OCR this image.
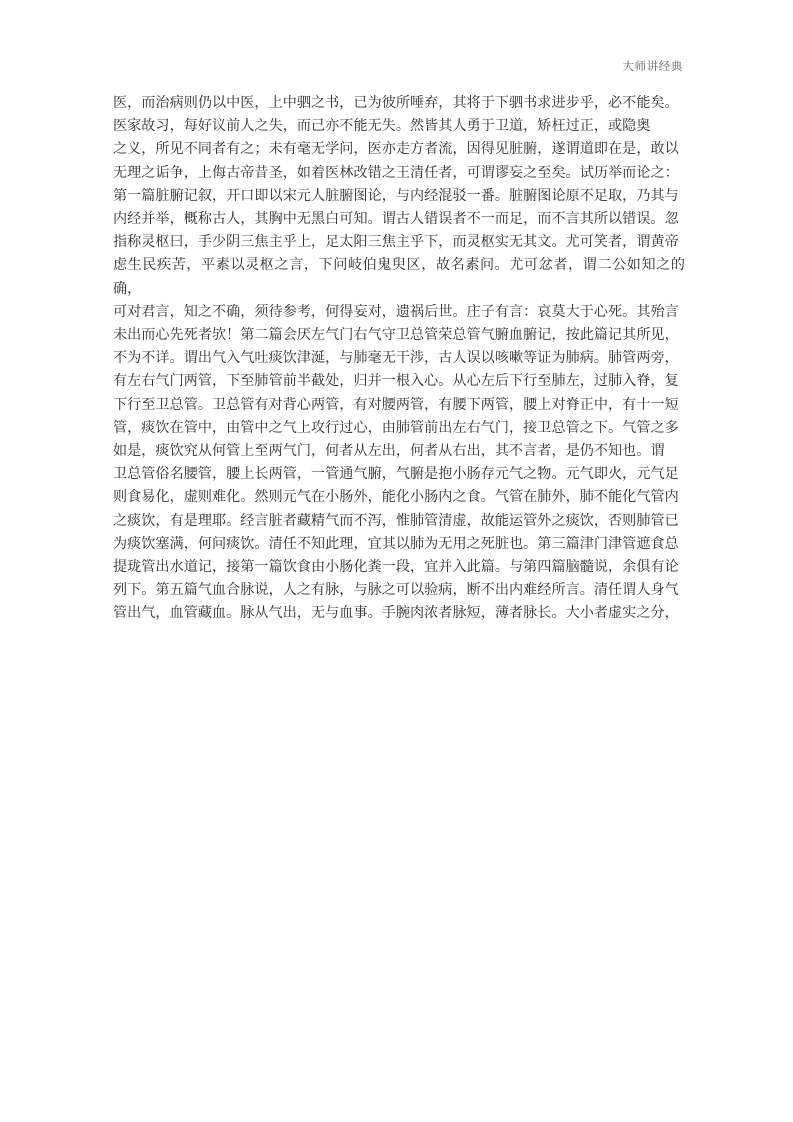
大师讲经典

医，而治病则仍以中医，上中驷之书，已为彼所唾弃，其将于下驷书求进步乎，必不能矣。

医家故习，每好议前人之失，而己亦不能无失。然皆其人勇于卫道，矫枉过正，或隐奥

之义，所见不同者有之；未有毫无学问，医亦走方者流，因得见脏腑，遂谓道即在是，敢以

无理之诟争，上侮古帝昔圣，如着医林改错之王清任者，可谓谬妄之至矣。试历举而论之：

第一篇脏腑记叙，开口即以宋元人脏腑图论，与内经混驳一番。脏腑图论原不足取，乃其与

内经并举，概称古人，其胸中无黑白可知。谓古人错误者不一而足，而不言其所以错误。忽

指称灵枢曰，手少阴三焦主乎上，足太阳三焦主乎下，而灵枢实无其文。尤可笑者，谓黄帝

虑生民疾苦，平素以灵枢之言，下问岐伯鬼臾区，故名素问。尤可忿者，谓二公如知之的确，

可对君言，知之不确，须待参考，何得妄对，遗祸后世。庄子有言：哀莫大于心死。其殆言

未出而心先死者欤！第二篇会厌左气门右气守卫总管荣总管气腑血腑记，按此篇记其所见，

不为不详。谓出气入气吐痰饮津涎，与肺毫无干涉，古人误以咳嗽等证为肺病。肺管两旁，

有左右气门两管，下至肺管前半截处，归并一根入心。从心左后下行至肺左，过肺入脊，复

下行至卫总管。卫总管有对背心两管，有对腰两管，有腰下两管，腰上对脊正中，有十一短

管，痰饮在管中，由管中之气上攻行过心，由肺管前出左右气门，接卫总管之下。气管之多

如是，痰饮究从何管上至两气门，何者从左出，何者从右出，其不言者，是仍不知也。谓

卫总管俗名腰管，腰上长两管，一管通气腑，气腑是抱小肠存元气之物。元气即火，元气足

则食易化，虚则难化。然则元气在小肠外，能化小肠内之食。气管在肺外，肺不能化气管内

之痰饮，有是理耶。经言脏者藏精气而不泻，惟肺管清虚，故能运管外之痰饮，否则肺管已

为痰饮塞满，何问痰饮。清任不知此理，宜其以肺为无用之死脏也。第三篇津门津管遮食总

提珑管出水道记，接第一篇饮食由小肠化粪一段，宜并入此篇。与第四篇脑髓说，余俱有论

列下。第五篇气血合脉说，人之有脉，与脉之可以验病，断不出内难经所言。清任谓人身气

管出气，血管藏血。脉从气出，无与血事。手腕肉浓者脉短，薄者脉长。大小者虚实之分，
